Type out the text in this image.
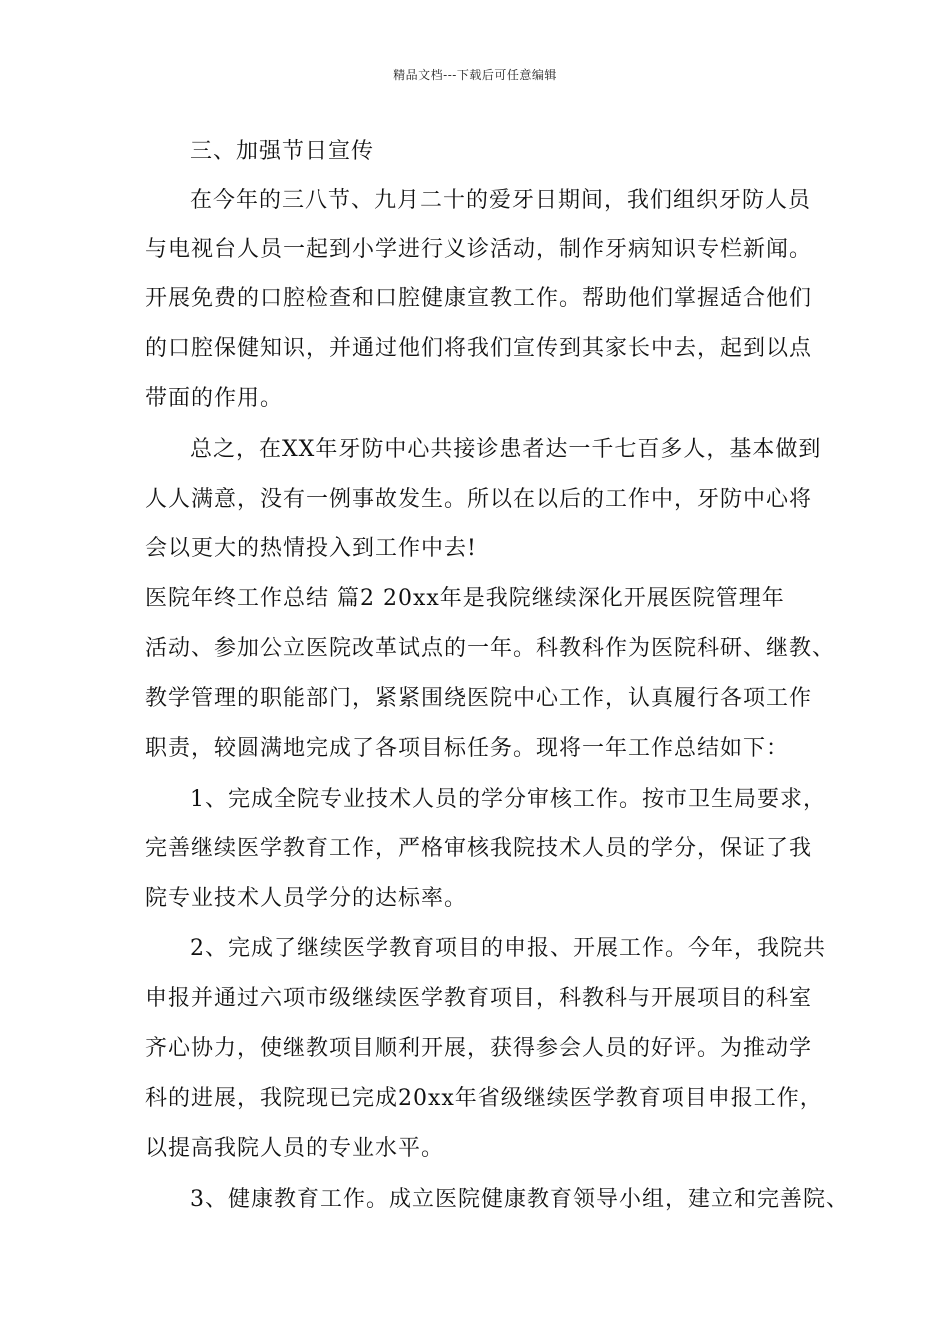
精品文档---下载后可任意编辑
三、加强节日宣传
在今年的三八节、九月二十的爱牙日期间，我们组织牙防人员
与电视台人员一起到小学进行义诊活动，制作牙病知识专栏新闻。
开展免费的口腔检查和口腔健康宣教工作。帮助他们掌握适合他们
的口腔保健知识，并通过他们将我们宣传到其家长中去，起到以点
带面的作用。
总之，在XX年牙防中心共接诊患者达一千七百多人，基本做到
人人满意，没有一例事故发生。所以在以后的工作中，牙防中心将
会以更大的热情投入到工作中去!
医院年终工作总结 篇2 20xx年是我院继续深化开展医院管理年
活动、参加公立医院改革试点的一年。科教科作为医院科研、继教、
教学管理的职能部门，紧紧围绕医院中心工作，认真履行各项工作
职责，较圆满地完成了各项目标任务。现将一年工作总结如下：
1、完成全院专业技术人员的学分审核工作。按市卫生局要求，
完善继续医学教育工作，严格审核我院技术人员的学分，保证了我
院专业技术人员学分的达标率。
2、完成了继续医学教育项目的申报、开展工作。今年，我院共
申报并通过六项市级继续医学教育项目，科教科与开展项目的科室
齐心协力，使继教项目顺利开展，获得参会人员的好评。为推动学
科的进展，我院现已完成20xx年省级继续医学教育项目申报工作，
以提高我院人员的专业水平。
3、健康教育工作。成立医院健康教育领导小组，建立和完善院、
